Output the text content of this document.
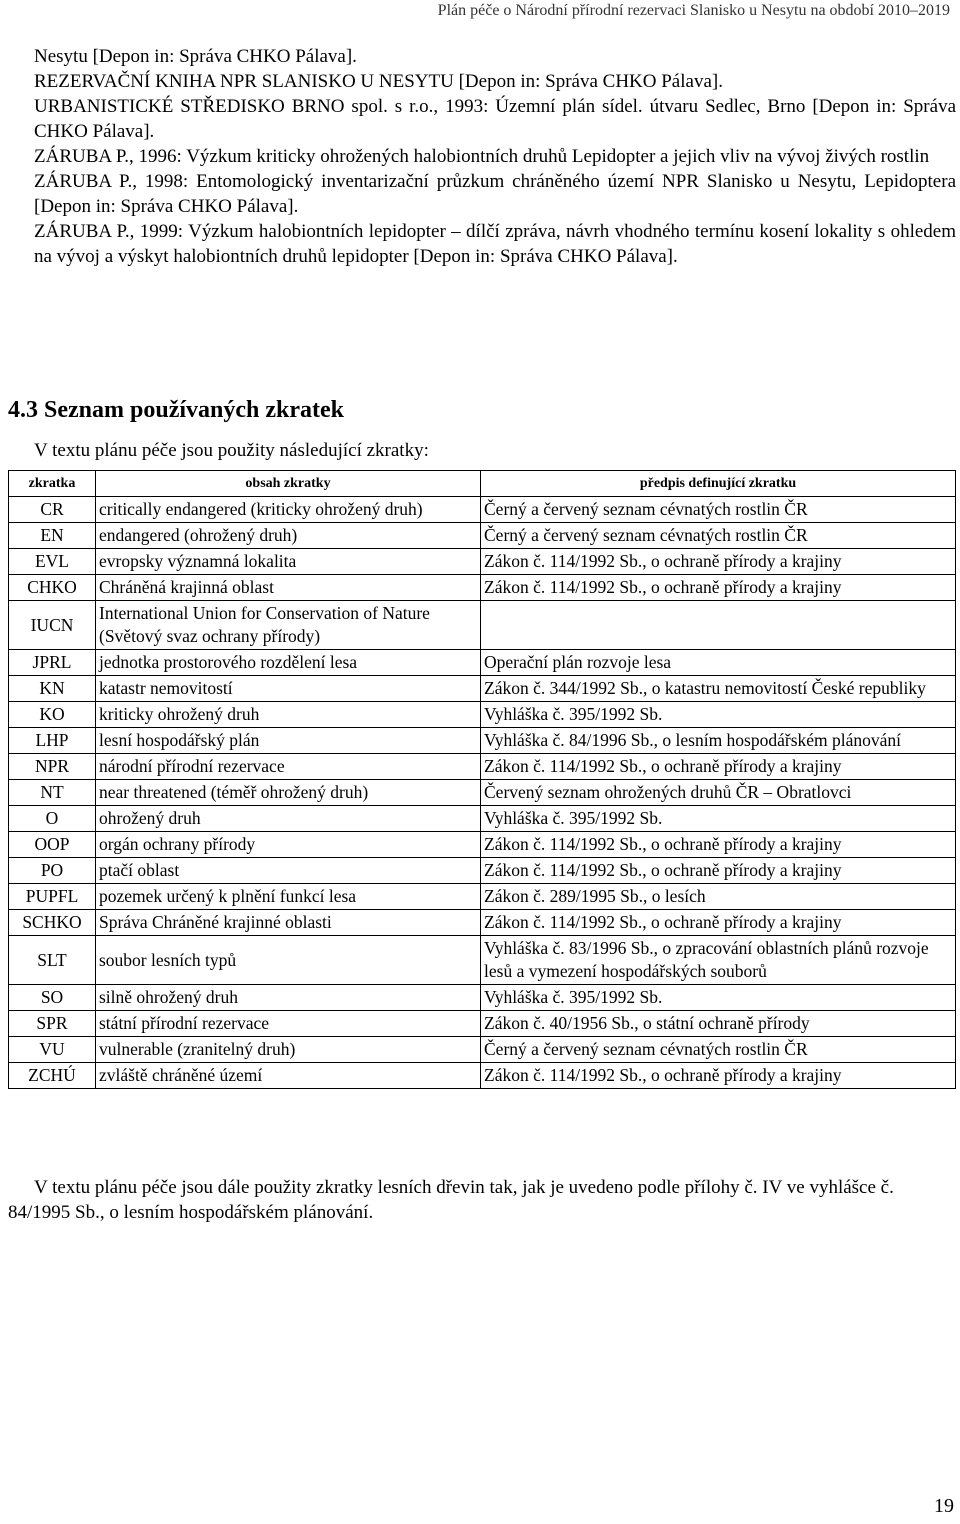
Plán péče o Národní přírodní rezervaci Slanisko u Nesytu na období 2010–2019

Nesytu [Depon in: Správa CHKO Pálava].

REZERVAČNÍ KNIHA NPR SLANISKO U NESYTU [Depon in: Správa CHKO Pálava].

URBANISTICKÉ STŘEDISKO BRNO spol. s r.o., 1993: Územní plán sídel. útvaru Sedlec, Brno [Depon in: Správa CHKO Pálava].

ZÁRUBA P., 1996: Výzkum kriticky ohrožených halobiontních druhů Lepidopter a jejich vliv na vývoj živých rostlin

ZÁRUBA P., 1998: Entomologický inventarizační průzkum chráněného území NPR Slanisko u Nesytu, Lepidoptera [Depon in: Správa CHKO Pálava].

ZÁRUBA P., 1999: Výzkum halobiontních lepidopter – dílčí zpráva, návrh vhodného termínu kosení lokality s ohledem na vývoj a výskyt halobiontních druhů lepidopter [Depon in: Správa CHKO Pálava].

4.3 Seznam používaných zkratek
V textu plánu péče jsou použity následující zkratky:
zkratka	obsah zkratky	předpis definující zkratku
CR	critically endangered (kriticky ohrožený druh)	Černý a červený seznam cévnatých rostlin ČR
EN	endangered (ohrožený druh)	Černý a červený seznam cévnatých rostlin ČR
EVL	evropsky významná lokalita	Zákon č. 114/1992 Sb., o ochraně přírody a krajiny
CHKO	Chráněná krajinná oblast	Zákon č. 114/1992 Sb., o ochraně přírody a krajiny
IUCN	International Union for Conservation of Nature (Světový svaz ochrany přírody)	
JPRL	jednotka prostorového rozdělení lesa	Operační plán rozvoje lesa
KN	katastr nemovitostí	Zákon č. 344/1992 Sb., o katastru nemovitostí České republiky
KO	kriticky ohrožený druh	Vyhláška č. 395/1992 Sb.
LHP	lesní hospodářský plán	Vyhláška č. 84/1996 Sb., o lesním hospodářském plánování
NPR	národní přírodní rezervace	Zákon č. 114/1992 Sb., o ochraně přírody a krajiny
NT	near threatened (téměř ohrožený druh)	Červený seznam ohrožených druhů ČR – Obratlovci
O	ohrožený druh	Vyhláška č. 395/1992 Sb.
OOP	orgán ochrany přírody	Zákon č. 114/1992 Sb., o ochraně přírody a krajiny
PO	ptačí oblast	Zákon č. 114/1992 Sb., o ochraně přírody a krajiny
PUPFL	pozemek určený k plnění funkcí lesa	Zákon č. 289/1995 Sb., o lesích
SCHKO	Správa Chráněné krajinné oblasti	Zákon č. 114/1992 Sb., o ochraně přírody a krajiny
SLT	soubor lesních typů	Vyhláška č. 83/1996 Sb., o zpracování oblastních plánů rozvoje lesů a vymezení hospodářských souborů
SO	silně ohrožený druh	Vyhláška č. 395/1992 Sb.
SPR	státní přírodní rezervace	Zákon č. 40/1956 Sb., o státní ochraně přírody
VU	vulnerable (zranitelný druh)	Černý a červený seznam cévnatých rostlin ČR
ZCHÚ	zvláště chráněné území	Zákon č. 114/1992 Sb., o ochraně přírody a krajiny

V textu plánu péče jsou dále použity zkratky lesních dřevin tak, jak je uvedeno podle přílohy č. IV ve vyhlášce č. 84/1995 Sb., o lesním hospodářském plánování.

19
